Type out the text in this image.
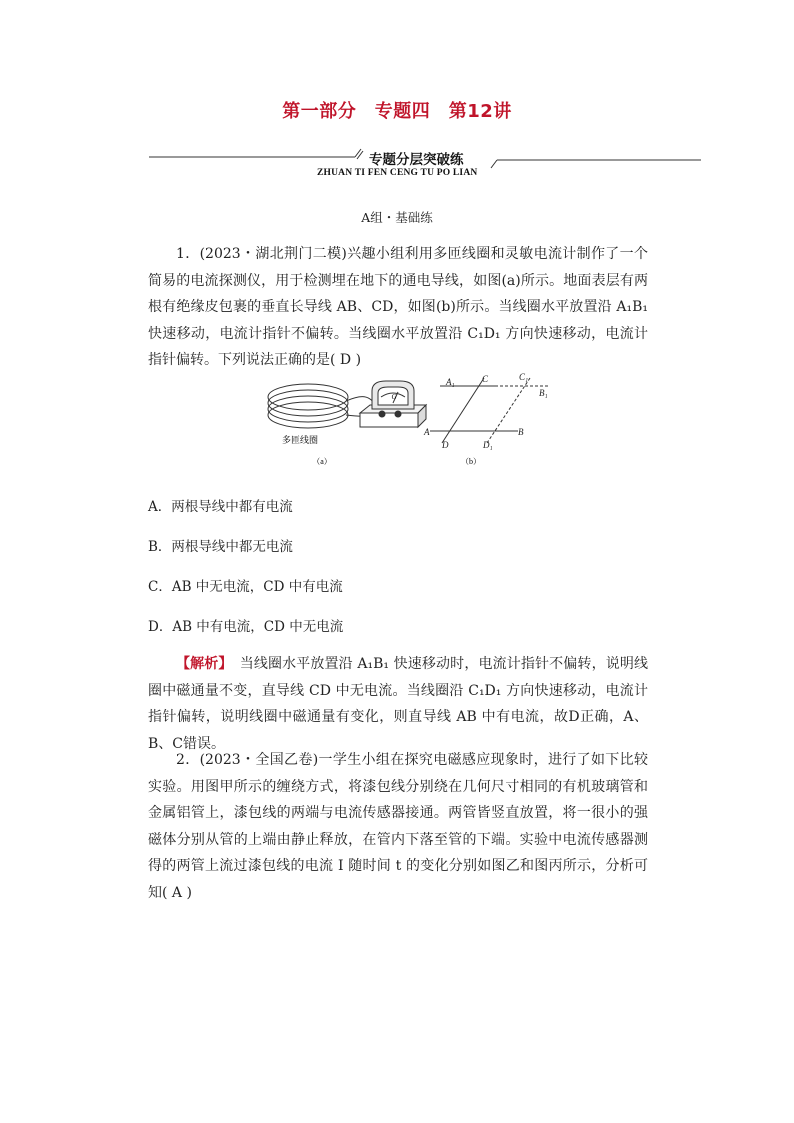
第一部分　专题四　第12讲
专题分层突破练
ZHUAN TI FEN CENG TU PO LIAN
A组・基础练

1．(2023・湖北荆门二模)兴趣小组利用多匝线圈和灵敏电流计制作了一个简易的电流探测仪，用于检测埋在地下的通电导线，如图(a)所示。地面表层有两根有绝缘皮包裹的垂直长导线 AB、CD，如图(b)所示。当线圈水平放置沿 A₁B₁ 快速移动，电流计指针不偏转。当线圈水平放置沿 C₁D₁ 方向快速移动，电流计指针偏转。下列说法正确的是( D )

G
多匝线圈
（a）
A₁	C	C₁
B₁
A
D	D₁
B
（b）

A．两根导线中都有电流

B．两根导线中都无电流

C．AB 中无电流，CD 中有电流

D．AB 中有电流，CD 中无电流

【解析】　当线圈水平放置沿 A₁B₁ 快速移动时，电流计指针不偏转，说明线圈中磁通量不变，直导线 CD 中无电流。当线圈沿 C₁D₁ 方向快速移动，电流计指针偏转，说明线圈中磁通量有变化，则直导线 AB 中有电流，故D正确，A、B、C错误。

2．(2023・全国乙卷)一学生小组在探究电磁感应现象时，进行了如下比较实验。用图甲所示的缠绕方式，将漆包线分别绕在几何尺寸相同的有机玻璃管和金属铝管上，漆包线的两端与电流传感器接通。两管皆竖直放置，将一很小的强磁体分别从管的上端由静止释放，在管内下落至管的下端。实验中电流传感器测得的两管上流过漆包线的电流 I 随时间 t 的变化分别如图乙和图丙所示，分析可知( A )
